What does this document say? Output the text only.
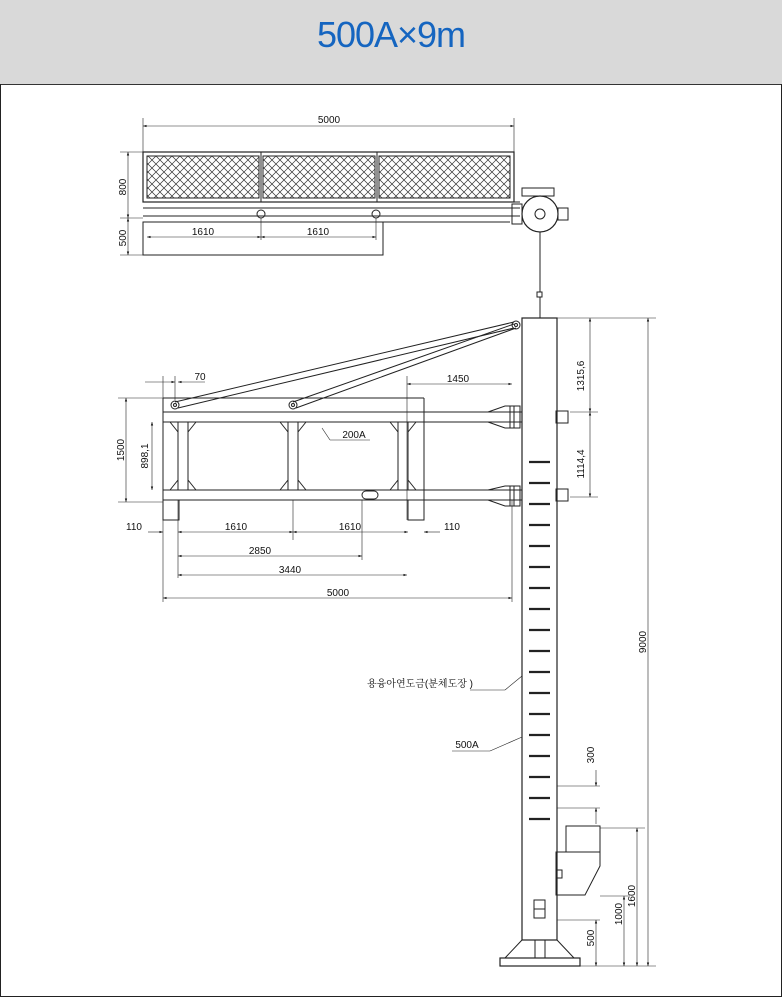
500A×9m
5000
800
500	1610	1610
70	1450
1500 898,1
200A
110	1610	1610	110
2850
3440
5000
1315,6
1114,4
9000
용융아연도금(분체도장 )
500A
300
1600
1000
500
